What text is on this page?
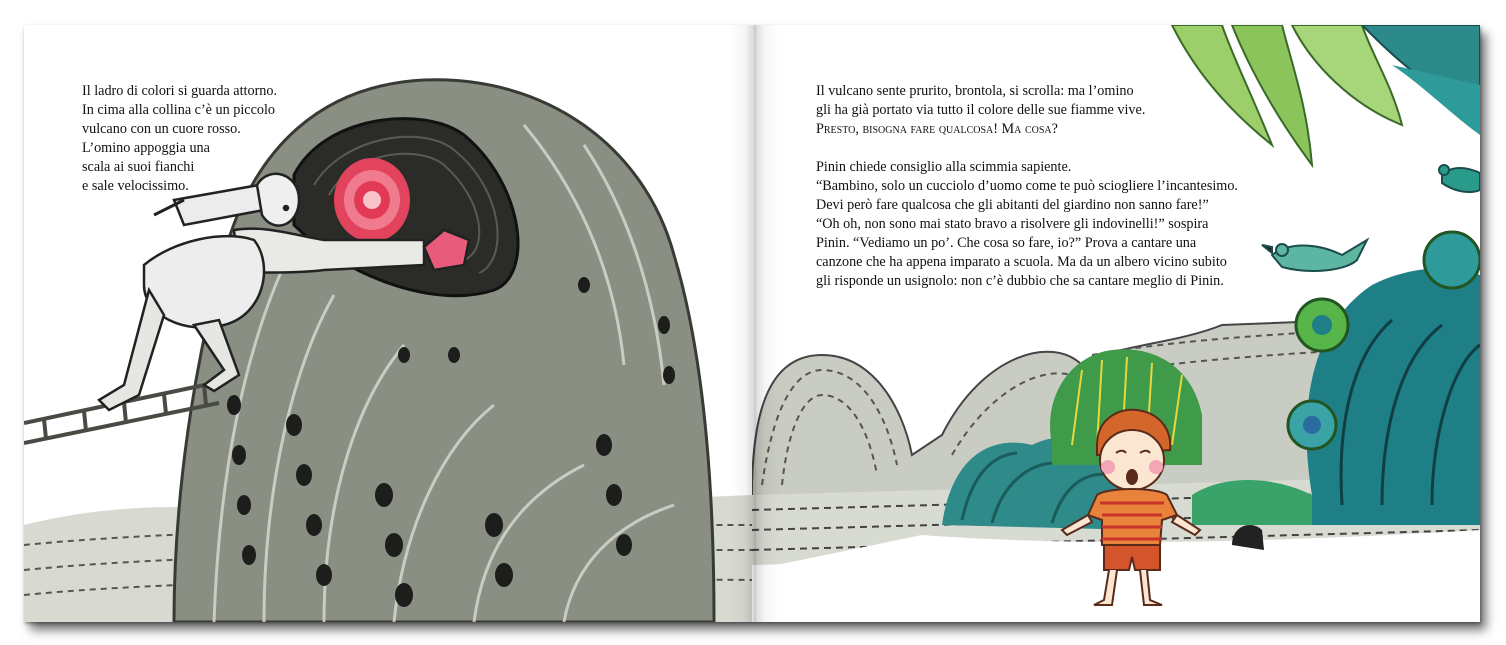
Il ladro di colori si guarda attorno.

In cima alla collina c’è un piccolo

vulcano con un cuore rosso.

L’omino appoggia una

scala ai suoi fianchi

e sale velocissimo.

Il vulcano sente prurito, brontola, si scrolla: ma l’omino

gli ha già portato via tutto il colore delle sue fiamme vive.

Presto, bisogna fare qualcosa! Ma cosa?

Pinin chiede consiglio alla scimmia sapiente.

“Bambino, solo un cucciolo d’uomo come te può sciogliere l’incantesimo.

Devi però fare qualcosa che gli abitanti del giardino non sanno fare!”

“Oh oh, non sono mai stato bravo a risolvere gli indovinelli!” sospira

Pinin. “Vediamo un po’. Che cosa so fare, io?” Prova a cantare una

canzone che ha appena imparato a scuola. Ma da un albero vicino subito

gli risponde un usignolo: non c’è dubbio che sa cantare meglio di Pinin.
